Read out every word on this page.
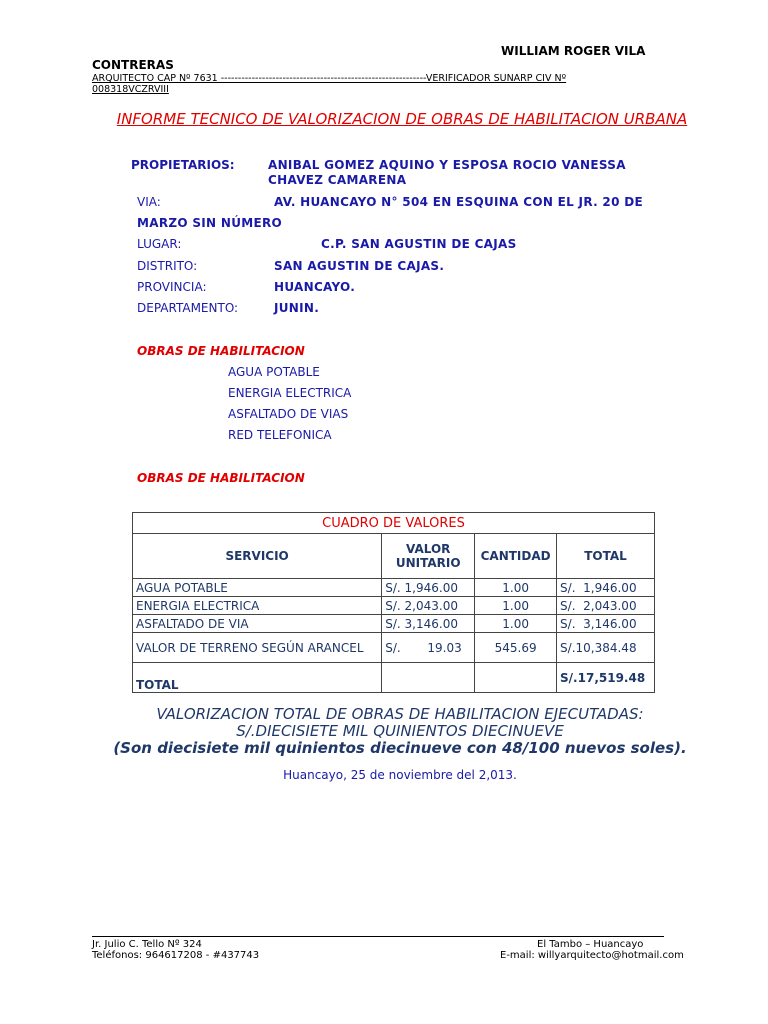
WILLIAM ROGER VILA
CONTRERAS
ARQUITECTO CAP Nº 7631 ------------------------------------------------------------VERIFICADOR SUNARP CIV Nº
008318VCZRVIII
INFORME TECNICO DE VALORIZACION DE OBRAS DE HABILITACION URBANA
PROPIETARIOS:	ANIBAL GOMEZ AQUINO Y ESPOSA ROCIO VANESSA
CHAVEZ CAMARENA
VIA:	AV. HUANCAYO N° 504 EN ESQUINA CON EL JR. 20 DE
MARZO SIN NÚMERO
LUGAR:	C.P. SAN AGUSTIN DE CAJAS
DISTRITO:	SAN AGUSTIN DE CAJAS.
PROVINCIA:	HUANCAYO.
DEPARTAMENTO:	JUNIN.
OBRAS DE HABILITACION
AGUA POTABLE
ENERGIA ELECTRICA
ASFALTADO DE VIAS
RED TELEFONICA
OBRAS DE HABILITACION
CUADRO DE VALORES			
SERVICIO	VALOR UNITARIO	CANTIDAD	TOTAL
AGUA POTABLE	S/. 1,946.00	1.00	S/.  1,946.00
ENERGIA ELECTRICA	S/. 2,043.00	1.00	S/.  2,043.00
ASFALTADO DE VIA	S/. 3,146.00	1.00	S/.  3,146.00
VALOR DE TERRENO SEGÚN ARANCEL	S/.       19.03	545.69	S/.10,384.48
TOTAL			S/.17,519.48
VALORIZACION TOTAL DE OBRAS DE HABILITACION EJECUTADAS:
S/.DIECISIETE MIL QUINIENTOS DIECINUEVE
(Son diecisiete mil quinientos diecinueve con 48/100 nuevos soles).
Huancayo, 25 de noviembre del 2,013.
Jr. Julio C. Tello Nº 324
Teléfonos: 964617208 - #437743
El Tambo – Huancayo
E-mail: willyarquitecto@hotmail.com
